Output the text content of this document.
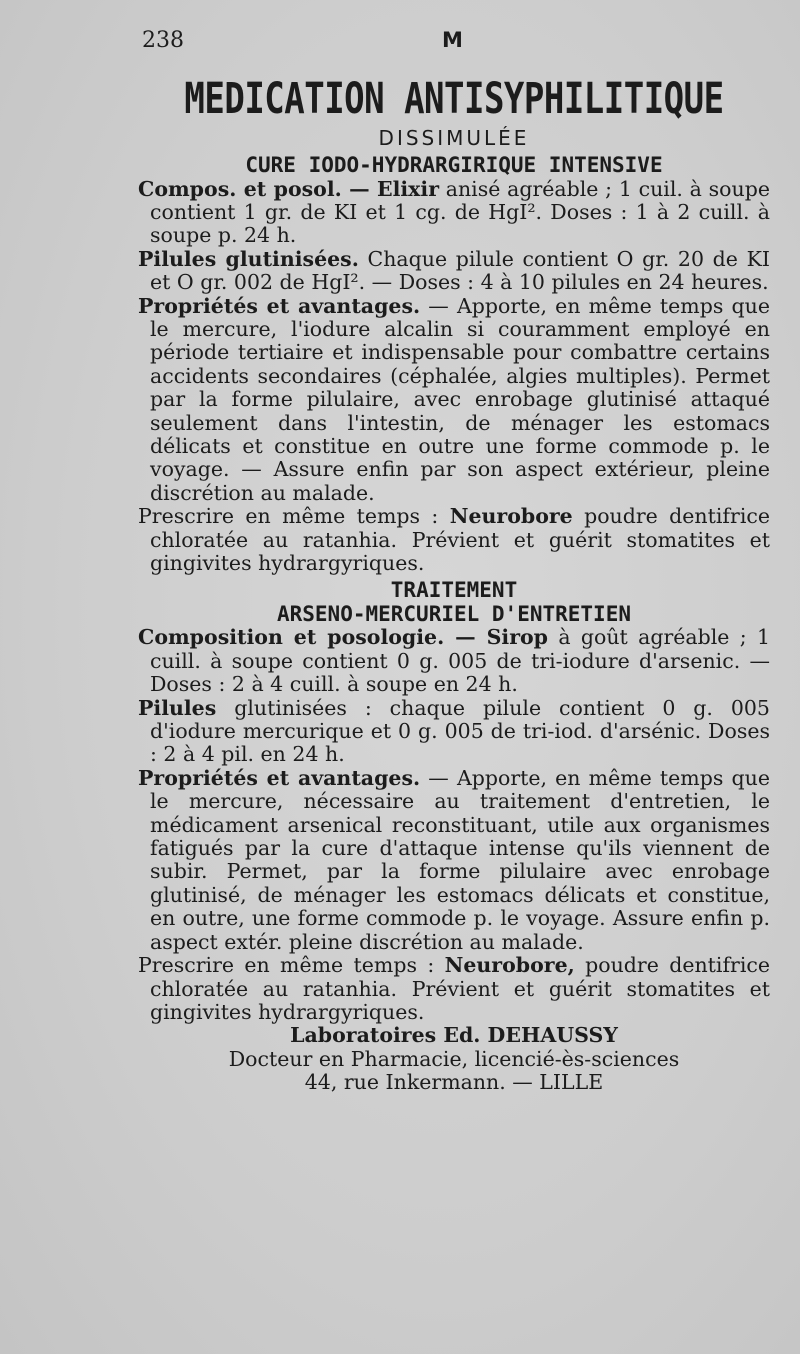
238	M
MEDICATION ANTISYPHILITIQUE
DISSIMULÉE
CURE IODO-HYDRARGIRIQUE INTENSIVE

Compos. et posol. — Elixir anisé agréable ; 1 cuil. à soupe contient 1 gr. de KI et 1 cg. de HgI². Doses : 1 à 2 cuill. à soupe p. 24 h.

Pilules glutinisées. Chaque pilule contient O gr. 20 de KI et O gr. 002 de HgI². — Doses : 4 à 10 pilules en 24 heures.

Propriétés et avantages. — Apporte, en même temps que le mercure, l'iodure alcalin si couramment employé en période tertiaire et indispensable pour combattre certains accidents secondaires (céphalée, algies multiples). Permet par la forme pilulaire, avec enrobage glutinisé attaqué seulement dans l'intestin, de ménager les estomacs délicats et constitue en outre une forme commode p. le voyage. — Assure enfin par son aspect extérieur, pleine discrétion au malade.

Prescrire en même temps : Neurobore poudre dentifrice chloratée au ratanhia. Prévient et guérit stomatites et gingivites hydrargyriques.

TRAITEMENT
ARSENO-MERCURIEL D'ENTRETIEN

Composition et posologie. — Sirop à goût agréable ; 1 cuill. à soupe contient 0 g. 005 de tri-iodure d'arsenic. — Doses : 2 à 4 cuill. à soupe en 24 h.

Pilules glutinisées : chaque pilule contient 0 g. 005 d'iodure mercurique et 0 g. 005 de tri-iod. d'arsénic. Doses : 2 à 4 pil. en 24 h.

Propriétés et avantages. — Apporte, en même temps que le mercure, nécessaire au traitement d'entretien, le médicament arsenical reconstituant, utile aux organismes fatigués par la cure d'attaque intense qu'ils viennent de subir. Permet, par la forme pilulaire avec enrobage glutinisé, de ménager les estomacs délicats et constitue, en outre, une forme commode p. le voyage. Assure enfin p. aspect extér. pleine discrétion au malade.

Prescrire en même temps : Neurobore, poudre dentifrice chloratée au ratanhia. Prévient et guérit stomatites et gingivites hydrargyriques.

Laboratoires Ed. DEHAUSSY
Docteur en Pharmacie, licencié-ès-sciences
44, rue Inkermann. — LILLE
